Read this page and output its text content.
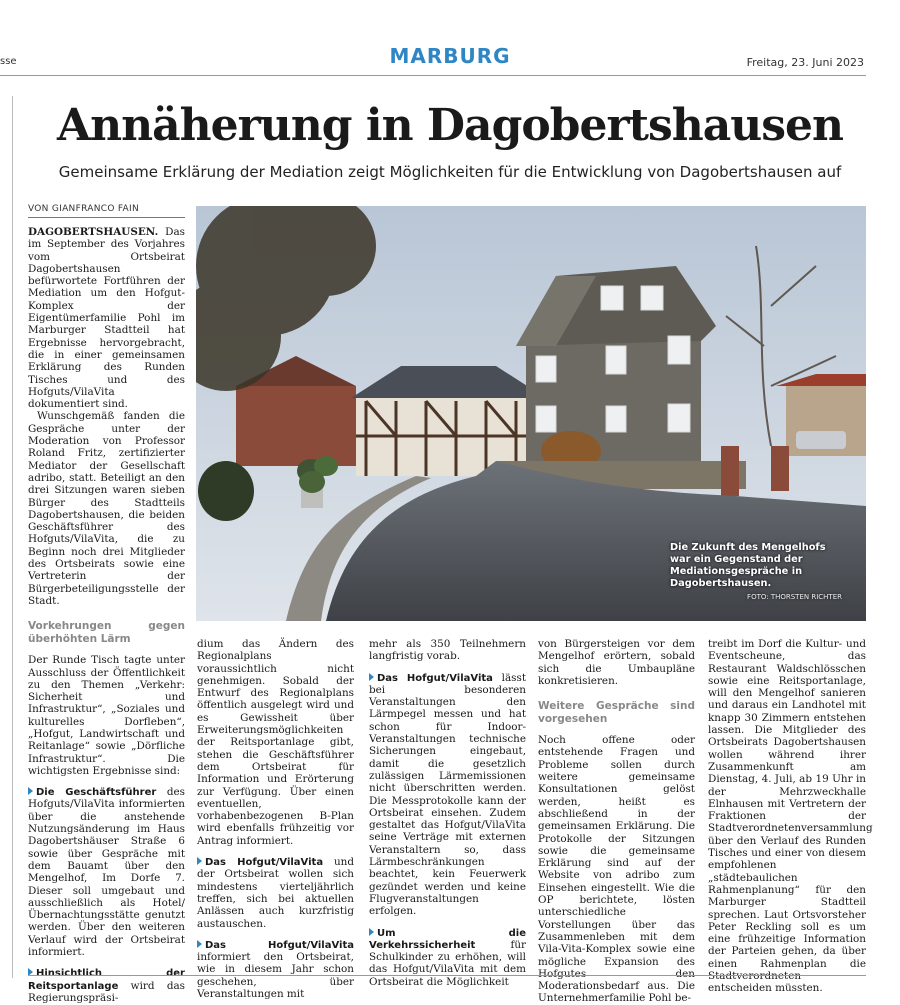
sse	MARBURG	Freitag, 23. Juni 2023
Annäherung in Dagobertshausen
Gemeinsame Erklärung der Mediation zeigt Möglichkeiten für die Entwicklung von Dagobertshausen auf
VON GIANFRANCO FAIN

DAGOBERTSHAUSEN. Das im September des Vorjahres vom Ortsbeirat Dagobertshausen befürwortete Fortführen der Mediation um den Hofgut-Komplex der Eigentümerfamilie Pohl im Marburger Stadtteil hat Ergebnisse hervorgebracht, die in einer gemeinsamen Erklärung des Runden Tisches und des Hofguts/VilaVita dokumentiert sind.

Wunschgemäß fanden die Gespräche unter der Moderation von Professor Roland Fritz, zertifizierter Mediator der Gesellschaft adribo, statt. Beteiligt an den drei Sitzungen waren sieben Bürger des Stadtteils Dagobertshausen, die beiden Geschäftsführer des Hofguts/VilaVita, die zu Beginn noch drei Mitglieder des Ortsbeirats sowie eine Vertreterin der Bürgerbeteiligungsstelle der Stadt.

Vorkehrungen gegen überhöhten Lärm

Der Runde Tisch tagte unter Ausschluss der Öffentlichkeit zu den Themen „Verkehr: Sicherheit und Infrastruktur“, „Soziales und kulturelles Dorfleben“, „Hofgut, Landwirtschaft und Reitanlage“ sowie „Dörfliche Infrastruktur“. Die wichtigsten Ergebnisse sind:

Die Geschäftsführer des Hofguts/VilaVita informierten über die anstehende Nutzungsänderung im Haus Dagobertshäuser Straße 6 sowie über Gespräche mit dem Bauamt über den Mengelhof, Im Dorfe 7. Dieser soll umgebaut und ausschließlich als Hotel/Übernachtungsstätte genutzt werden. Über den weiteren Verlauf wird der Ortsbeirat informiert.

Hinsichtlich der Reitsportanlage wird das Regierungspräsi-

Die Zukunft des Mengelhofs war ein Gegenstand der Mediationsgespräche in Dagobertshausen.
FOTO: THORSTEN RICHTER

dium das Ändern des Regionalplans voraussichtlich nicht genehmigen. Sobald der Entwurf des Regionalplans öffentlich ausgelegt wird und es Gewissheit über Erweiterungsmöglichkeiten der Reitsportanlage gibt, stehen die Geschäftsführer dem Ortsbeirat für Information und Erörterung zur Verfügung. Über einen eventuellen, vorhabenbezogenen B-Plan wird ebenfalls frühzeitig vor Antrag informiert.

Das Hofgut/VilaVita und der Ortsbeirat wollen sich mindestens vierteljährlich treffen, sich bei aktuellen Anlässen auch kurzfristig austauschen.

Das Hofgut/VilaVita informiert den Ortsbeirat, wie in diesem Jahr schon geschehen, über Veranstaltungen mit

mehr als 350 Teilnehmern langfristig vorab.

Das Hofgut/VilaVita lässt bei besonderen Veranstaltungen den Lärmpegel messen und hat schon für Indoor-Veranstaltungen technische Sicherungen eingebaut, damit die gesetzlich zulässigen Lärmemissionen nicht überschritten werden. Die Messprotokolle kann der Ortsbeirat einsehen. Zudem gestaltet das Hofgut/VilaVita seine Verträge mit externen Veranstaltern so, dass Lärmbeschränkungen beachtet, kein Feuerwerk gezündet werden und keine Flugveranstaltungen erfolgen.

Um die Verkehrssicherheit für Schulkinder zu erhöhen, will das Hofgut/VilaVita mit dem Ortsbeirat die Möglichkeit

von Bürgersteigen vor dem Mengelhof erörtern, sobald sich die Umbaupläne konkretisieren.

Weitere Gespräche sind vorgesehen

Noch offene oder entstehende Fragen und Probleme sollen durch weitere gemeinsame Konsultationen gelöst werden, heißt es abschließend in der gemeinsamen Erklärung. Die Protokolle der Sitzungen sowie die gemeinsame Erklärung sind auf der Website von adribo zum Einsehen eingestellt. Wie die OP berichtete, lösten unterschiedliche Vorstellungen über das Zusammenleben mit dem Vila-Vita-Komplex sowie eine mögliche Expansion des Hofgutes den Moderationsbedarf aus. Die Unternehmerfamilie Pohl be-

treibt im Dorf die Kultur- und Eventscheune, das Restaurant Waldschlösschen sowie eine Reitsportanlage, will den Mengelhof sanieren und daraus ein Landhotel mit knapp 30 Zimmern entstehen lassen. Die Mitglieder des Ortsbeirats Dagobertshausen wollen während ihrer Zusammenkunft am Dienstag, 4. Juli, ab 19 Uhr in der Mehrzweckhalle Elnhausen mit Vertretern der Fraktionen der Stadtverordnetenversammlung über den Verlauf des Runden Tisches und einer von diesem empfohlenen „städtebaulichen Rahmenplanung“ für den Marburger Stadtteil sprechen. Laut Ortsvorsteher Peter Reckling soll es um eine frühzeitige Information der Parteien gehen, da über einen Rahmenplan die Stadtverordneten entscheiden müssten.
